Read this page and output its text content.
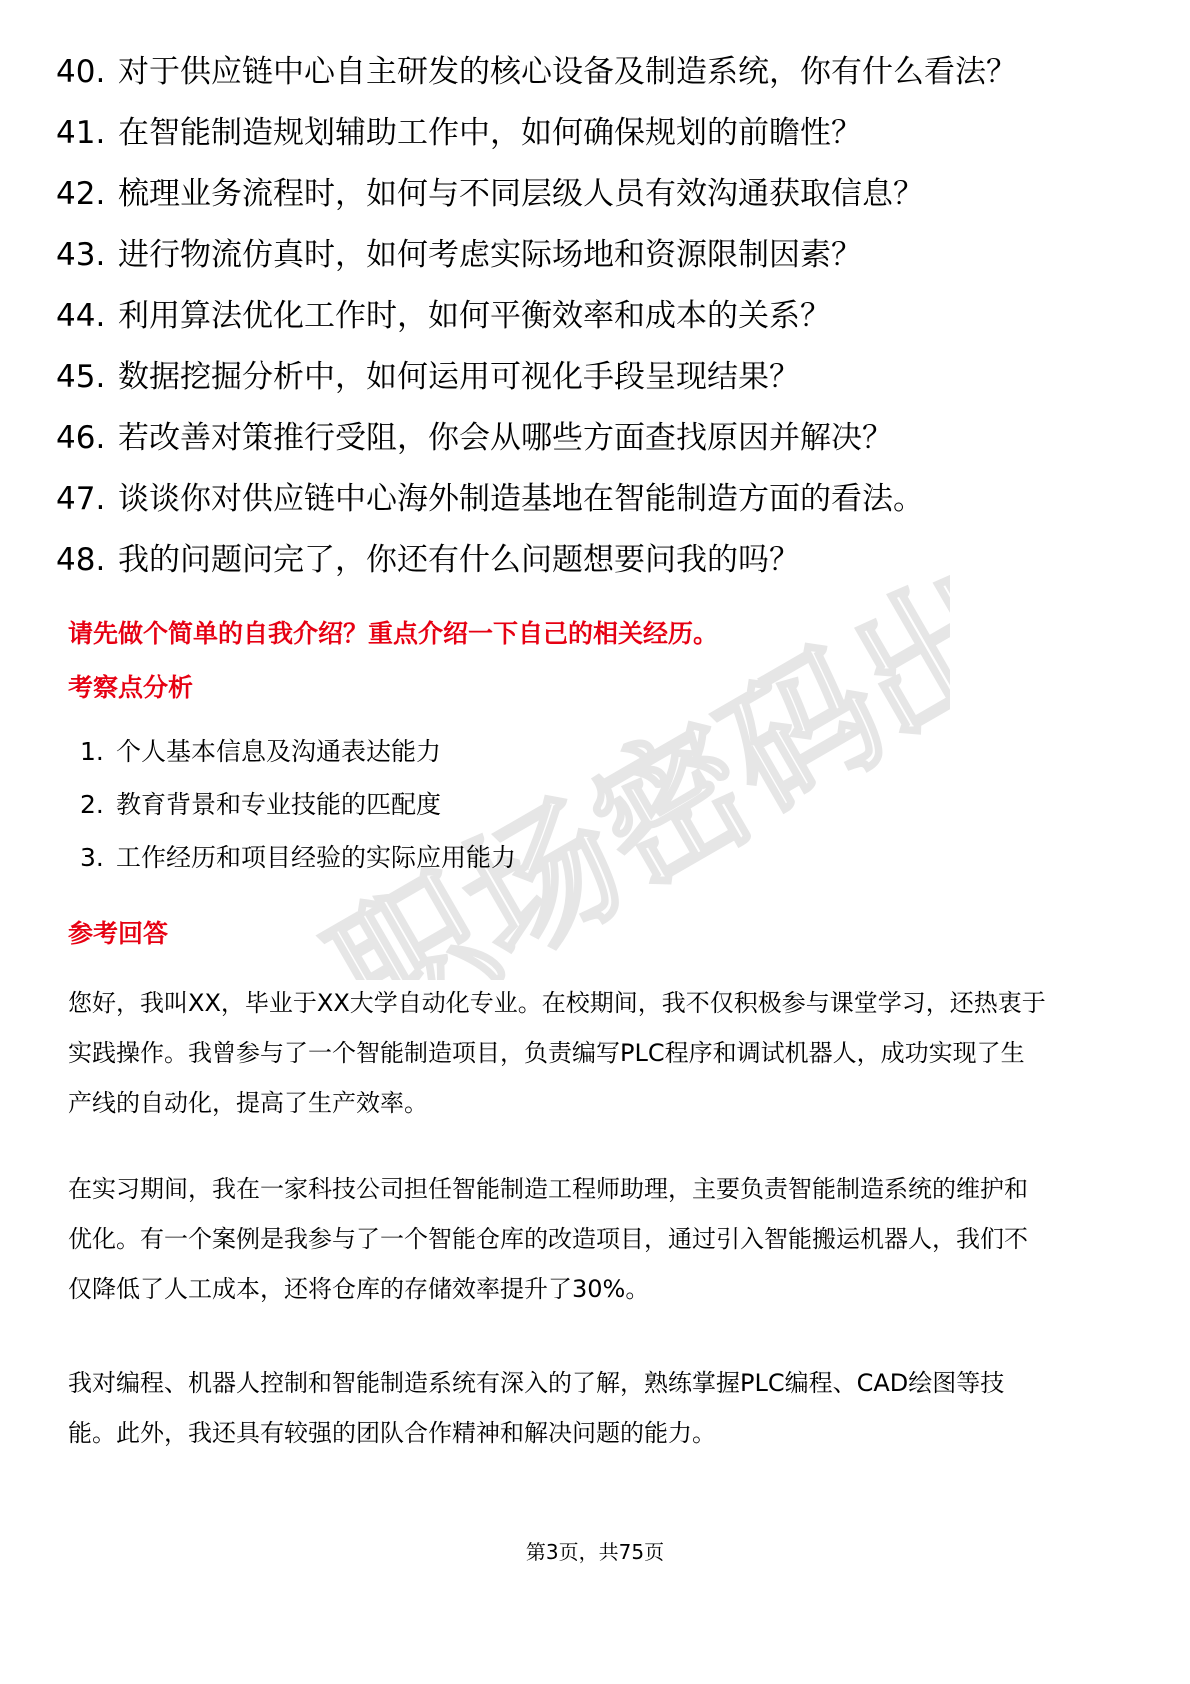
职场密码出品
40. 对于供应链中心自主研发的核心设备及制造系统，你有什么看法？
41. 在智能制造规划辅助工作中，如何确保规划的前瞻性？
42. 梳理业务流程时，如何与不同层级人员有效沟通获取信息？
43. 进行物流仿真时，如何考虑实际场地和资源限制因素？
44. 利用算法优化工作时，如何平衡效率和成本的关系？
45. 数据挖掘分析中，如何运用可视化手段呈现结果？
46. 若改善对策推行受阻，你会从哪些方面查找原因并解决？
47. 谈谈你对供应链中心海外制造基地在智能制造方面的看法。
48. 我的问题问完了，你还有什么问题想要问我的吗？
请先做个简单的自我介绍？重点介绍一下自己的相关经历。
考察点分析
1. 个人基本信息及沟通表达能力
2. 教育背景和专业技能的匹配度
3. 工作经历和项目经验的实际应用能力
参考回答

您好，我叫XX，毕业于XX大学自动化专业。在校期间，我不仅积极参与课堂学习，还热衷于实践操作。我曾参与了一个智能制造项目，负责编写PLC程序和调试机器人，成功实现了生产线的自动化，提高了生产效率。

在实习期间，我在一家科技公司担任智能制造工程师助理，主要负责智能制造系统的维护和优化。有一个案例是我参与了一个智能仓库的改造项目，通过引入智能搬运机器人，我们不仅降低了人工成本，还将仓库的存储效率提升了30%。

我对编程、机器人控制和智能制造系统有深入的了解，熟练掌握PLC编程、CAD绘图等技能。此外，我还具有较强的团队合作精神和解决问题的能力。

第3页，共75页
